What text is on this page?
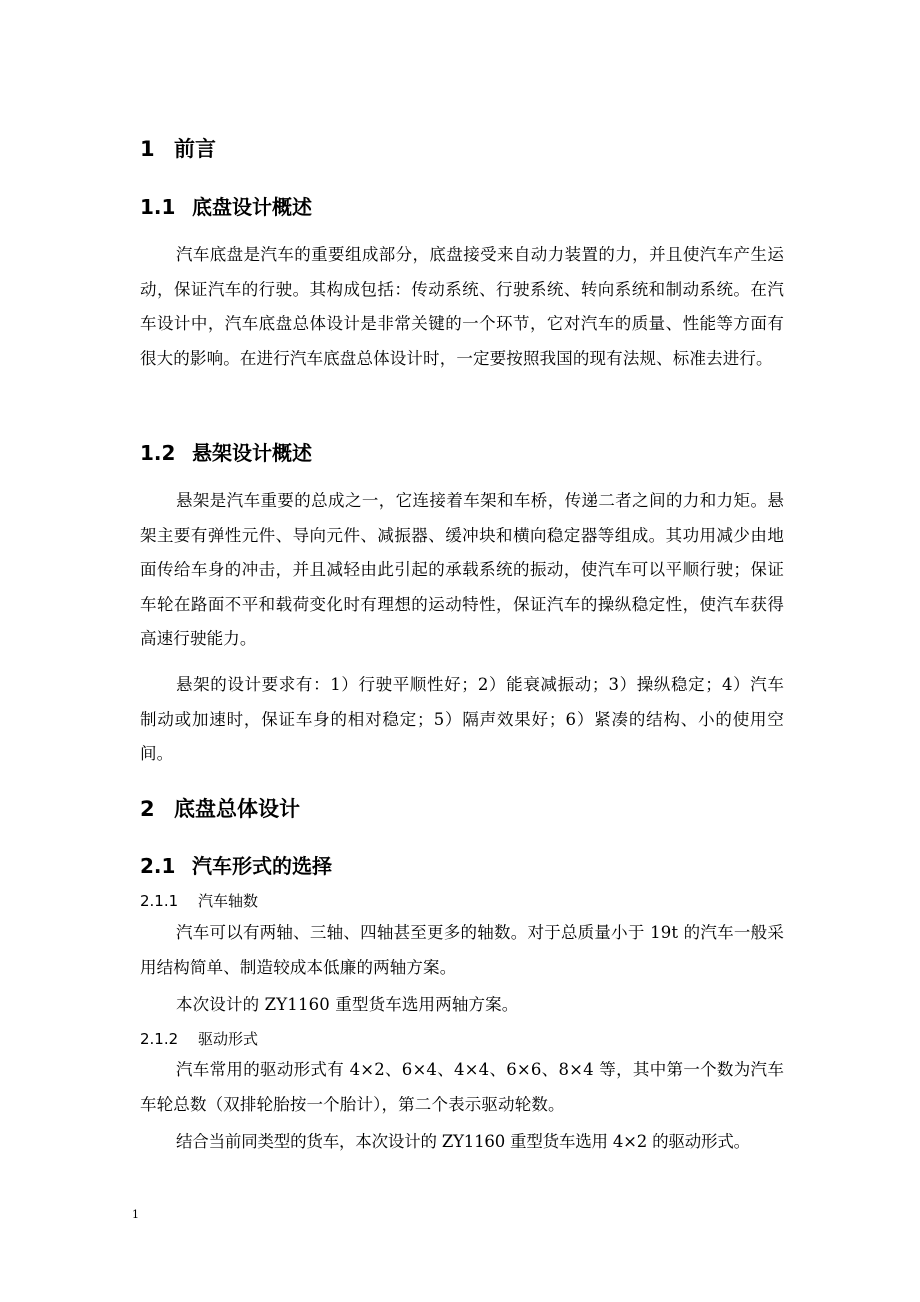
1 前言
1.1 底盘设计概述

汽车底盘是汽车的重要组成部分，底盘接受来自动力装置的力，并且使汽车产生运动，保证汽车的行驶。其构成包括：传动系统、行驶系统、转向系统和制动系统。在汽车设计中，汽车底盘总体设计是非常关键的一个环节，它对汽车的质量、性能等方面有很大的影响。在进行汽车底盘总体设计时，一定要按照我国的现有法规、标准去进行。

1.2 悬架设计概述

悬架是汽车重要的总成之一，它连接着车架和车桥，传递二者之间的力和力矩。悬架主要有弹性元件、导向元件、减振器、缓冲块和横向稳定器等组成。其功用减少由地面传给车身的冲击，并且减轻由此引起的承载系统的振动，使汽车可以平顺行驶；保证车轮在路面不平和载荷变化时有理想的运动特性，保证汽车的操纵稳定性，使汽车获得高速行驶能力。

悬架的设计要求有：1）行驶平顺性好；2）能衰减振动；3）操纵稳定；4）汽车制动或加速时，保证车身的相对稳定；5）隔声效果好；6）紧凑的结构、小的使用空间。

2 底盘总体设计
2.1 汽车形式的选择
2.1.1 汽车轴数

汽车可以有两轴、三轴、四轴甚至更多的轴数。对于总质量小于 19t 的汽车一般采用结构简单、制造较成本低廉的两轴方案。

本次设计的 ZY1160 重型货车选用两轴方案。

2.1.2 驱动形式

汽车常用的驱动形式有 4×2、6×4、4×4、6×6、8×4 等，其中第一个数为汽车车轮总数（双排轮胎按一个胎计），第二个表示驱动轮数。

结合当前同类型的货车，本次设计的 ZY1160 重型货车选用 4×2 的驱动形式。

1
